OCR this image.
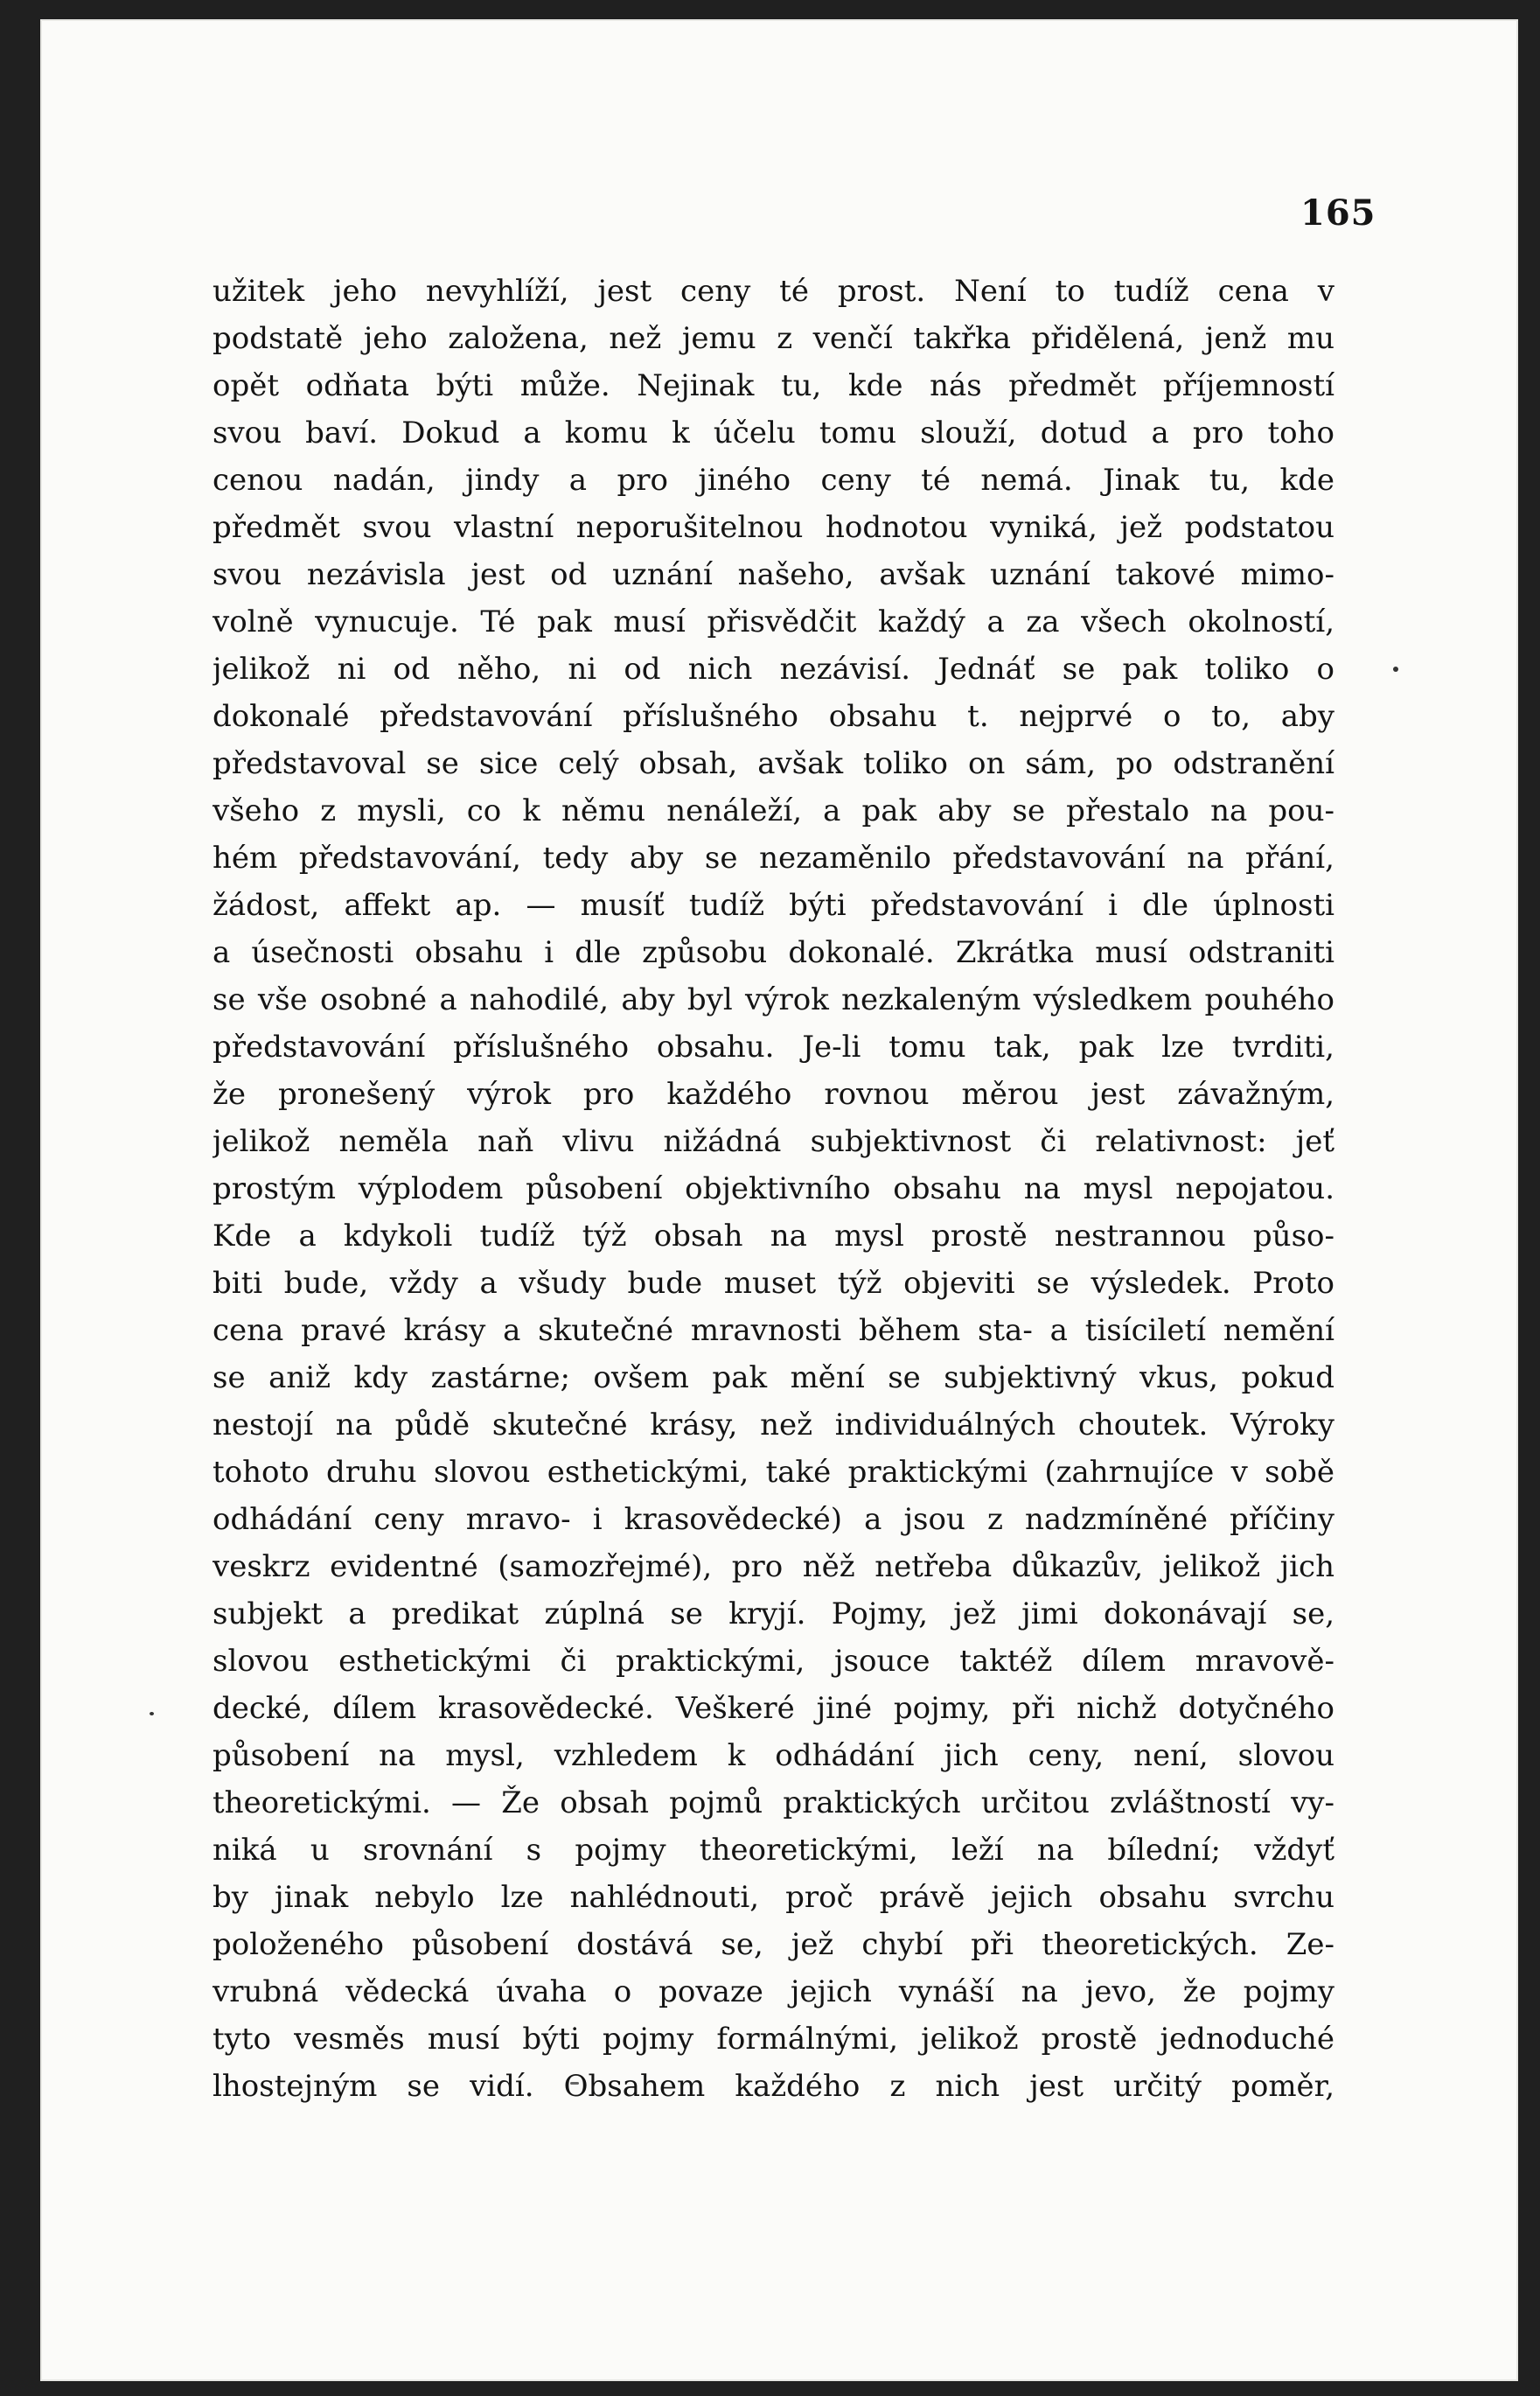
165
užitek jeho nevyhlíží, jest ceny té prost. Není to tudíž cena v
podstatě jeho založena, než jemu z venčí takřka přidělená, jenž mu
opět odňata býti může. Nejinak tu, kde nás předmět příjemností
svou baví. Dokud a komu k účelu tomu slouží, dotud a pro toho
cenou nadán, jindy a pro jiného ceny té nemá. Jinak tu, kde
předmět svou vlastní neporušitelnou hodnotou vyniká, jež podstatou
svou nezávisla jest od uznání našeho, avšak uznání takové mimo-
volně vynucuje. Té pak musí přisvědčit každý a za všech okolností,
jelikož ni od něho, ni od nich nezávisí. Jednáť se pak toliko o
dokonalé představování příslušného obsahu t. nejprvé o to, aby
představoval se sice celý obsah, avšak toliko on sám, po odstranění
všeho z mysli, co k němu nenáleží, a pak aby se přestalo na pou-
hém představování, tedy aby se nezaměnilo představování na přání,
žádost, affekt ap. — musíť tudíž býti představování i dle úplnosti
a úsečnosti obsahu i dle způsobu dokonalé. Zkrátka musí odstraniti
se vše osobné a nahodilé, aby byl výrok nezkaleným výsledkem pouhého
představování příslušného obsahu. Je-li tomu tak, pak lze tvrditi,
že pronešený výrok pro každého rovnou měrou jest závažným,
jelikož neměla naň vlivu nižádná subjektivnost či relativnost: jeť
prostým výplodem působení objektivního obsahu na mysl nepojatou.
Kde a kdykoli tudíž týž obsah na mysl prostě nestrannou půso-
biti bude, vždy a všudy bude muset týž objeviti se výsledek. Proto
cena pravé krásy a skutečné mravnosti během sta- a tisíciletí nemění
se aniž kdy zastárne; ovšem pak mění se subjektivný vkus, pokud
nestojí na půdě skutečné krásy, než individuálných choutek. Výroky
tohoto druhu slovou esthetickými, také praktickými (zahrnujíce v sobě
odhádání ceny mravo- i krasovědecké) a jsou z nadzmíněné příčiny
veskrz evidentné (samozřejmé), pro něž netřeba důkazův, jelikož jich
subjekt a predikat zúplná se kryjí. Pojmy, jež jimi dokonávají se,
slovou esthetickými či praktickými, jsouce taktéž dílem mravově-
decké, dílem krasovědecké. Veškeré jiné pojmy, při nichž dotyčného
působení na mysl, vzhledem k odhádání jich ceny, není, slovou
theoretickými. — Že obsah pojmů praktických určitou zvláštností vy-
niká u srovnání s pojmy theoretickými, leží na bílední; vždyť
by jinak nebylo lze nahlédnouti, proč právě jejich obsahu svrchu
položeného působení dostává se, jež chybí při theoretických. Ze-
vrubná vědecká úvaha o povaze jejich vynáší na jevo, že pojmy
tyto vesměs musí býti pojmy formálnými, jelikož prostě jednoduché
lhostejným se vidí. Obsahem každého z nich jest určitý poměr,
